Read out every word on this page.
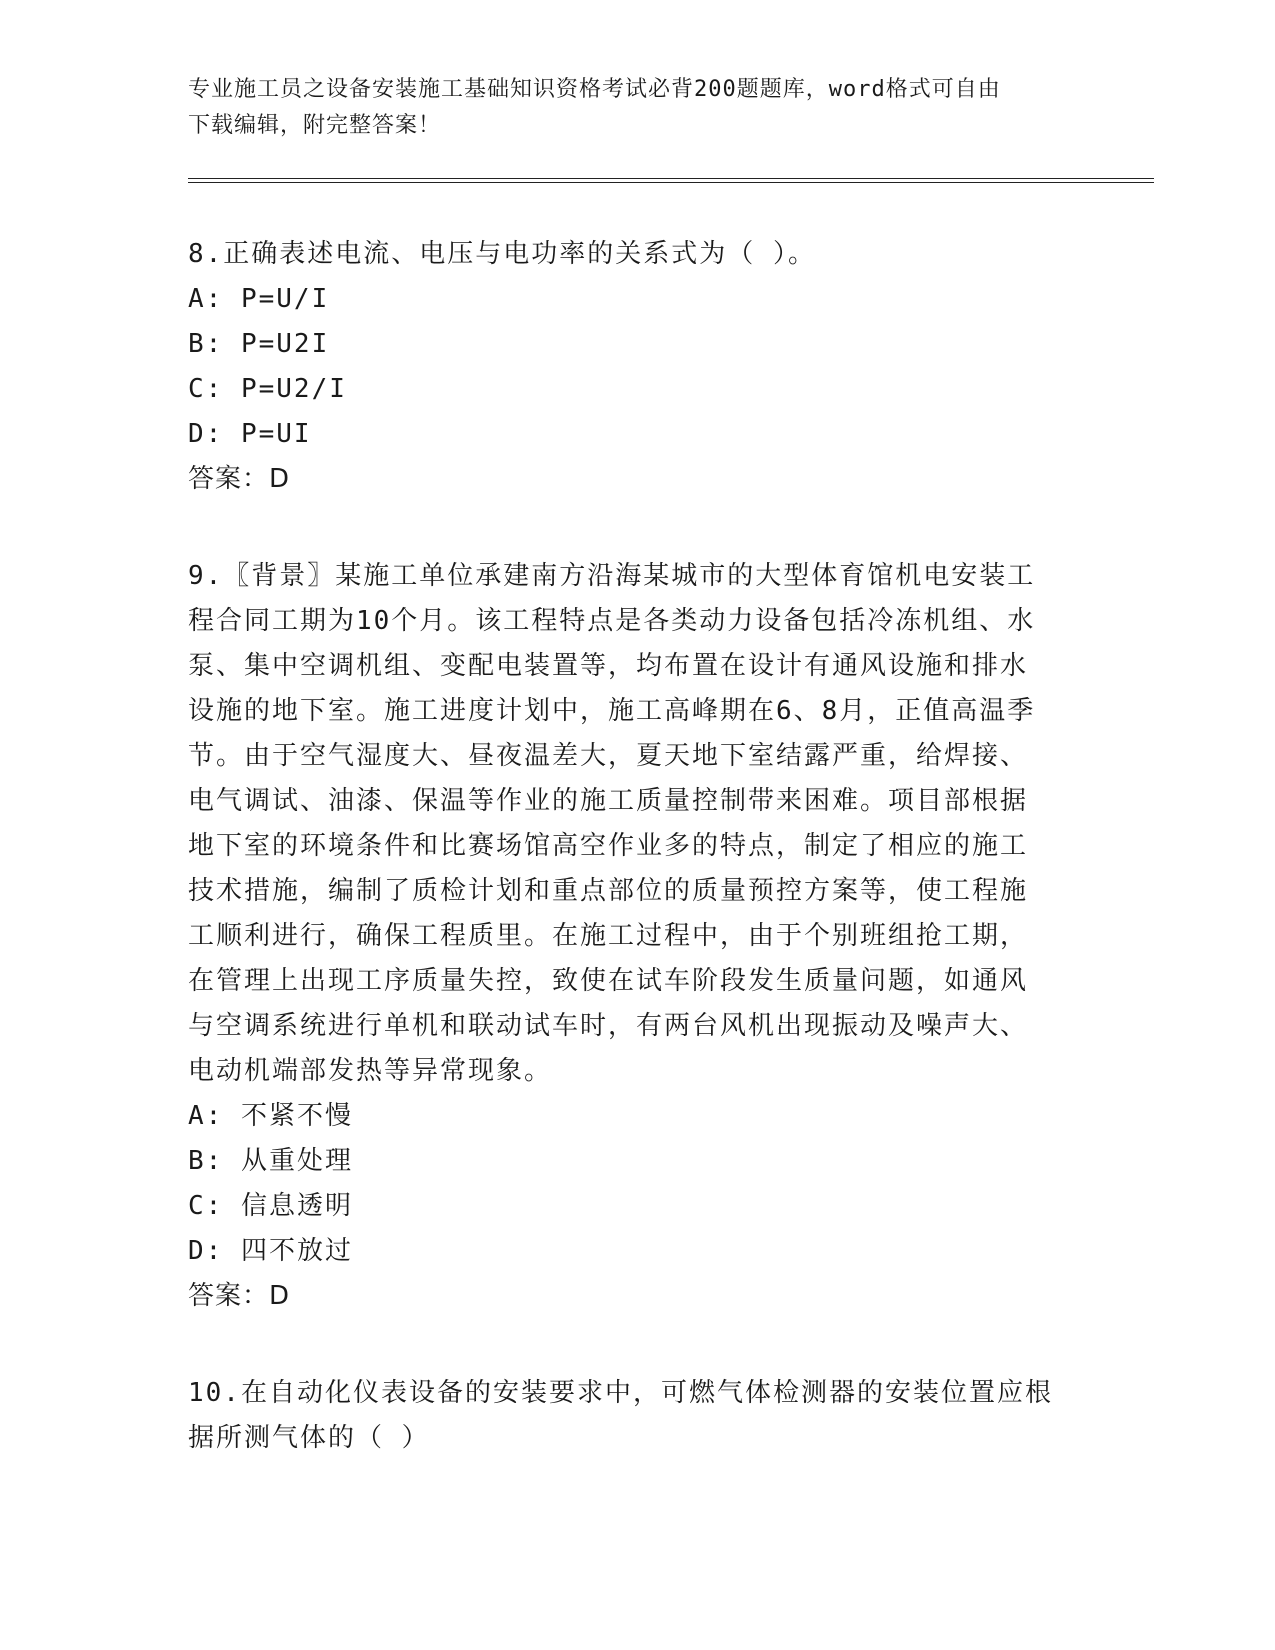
专业施工员之设备安装施工基础知识资格考试必背200题题库，word格式可自由
下载编辑，附完整答案！

8.正确表述电流、电压与电功率的关系式为（ ）。

A: P=U/I

B: P=U2I

C: P=U2/I

D: P=UI

答案：D

9.〖背景〗某施工单位承建南方沿海某城市的大型体育馆机电安装工

程合同工期为10个月。该工程特点是各类动力设备包括冷冻机组、水

泵、集中空调机组、变配电装置等，均布置在设计有通风设施和排水

设施的地下室。施工进度计划中，施工高峰期在6、8月，正值高温季

节。由于空气湿度大、昼夜温差大，夏天地下室结露严重，给焊接、

电气调试、油漆、保温等作业的施工质量控制带来困难。项目部根据

地下室的环境条件和比赛场馆高空作业多的特点，制定了相应的施工

技术措施，编制了质检计划和重点部位的质量预控方案等，使工程施

工顺利进行，确保工程质里。在施工过程中，由于个别班组抢工期，

在管理上出现工序质量失控，致使在试车阶段发生质量问题，如通风

与空调系统进行单机和联动试车时，有两台风机出现振动及噪声大、

电动机端部发热等异常现象。

A: 不紧不慢

B: 从重处理

C: 信息透明

D: 四不放过

答案：D

10.在自动化仪表设备的安装要求中，可燃气体检测器的安装位置应根

据所测气体的（ ）
